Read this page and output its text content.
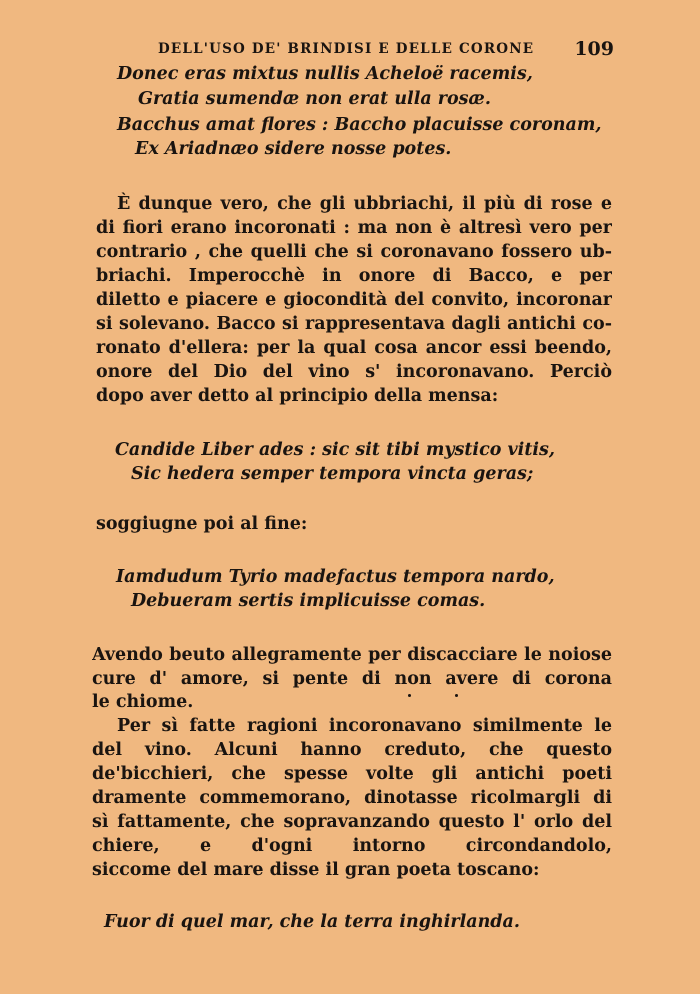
DELL'USO DE' BRINDISI E DELLE CORONE 109
Donec eras mixtus nullis Acheloë racemis,
Gratia sumendæ non erat ulla rosæ.
Bacchus amat flores : Baccho placuisse coronam,
Ex Ariadnæo sidere nosse potes.
È dunque vero, che gli ubbriachi, il più di rose e
di fiori erano incoronati : ma non è altresì vero per
contrario , che quelli che si coronavano fossero ub-
briachi. Imperocchè in onore di Bacco, e per
diletto e piacere e giocondità del convito, incoronar
si solevano. Bacco si rappresentava dagli antichi co-
ronato d'ellera: per la qual cosa ancor essi beendo,
onore del Dio del vino s' incoronavano. Perciò
dopo aver detto al principio della mensa:
Candide Liber ades : sic sit tibi mystico vitis,
Sic hedera semper tempora vincta geras;
soggiugne poi al fine:
Iamdudum Tyrio madefactus tempora nardo,
Debueram sertis implicuisse comas.
Avendo beuto allegramente per discacciare le noiose
cure d' amore, si pente di non avere di corona
le chiome.
Per sì fatte ragioni incoronavano similmente le
del vino. Alcuni hanno creduto, che questo
de'bicchieri, che spesse volte gli antichi poeti
dramente commemorano, dinotasse ricolmargli di
sì fattamente, che sopravanzando questo l' orlo del
chiere, e d'ogni intorno circondandolo,
siccome del mare disse il gran poeta toscano:
Fuor di quel mar, che la terra inghirlanda.
